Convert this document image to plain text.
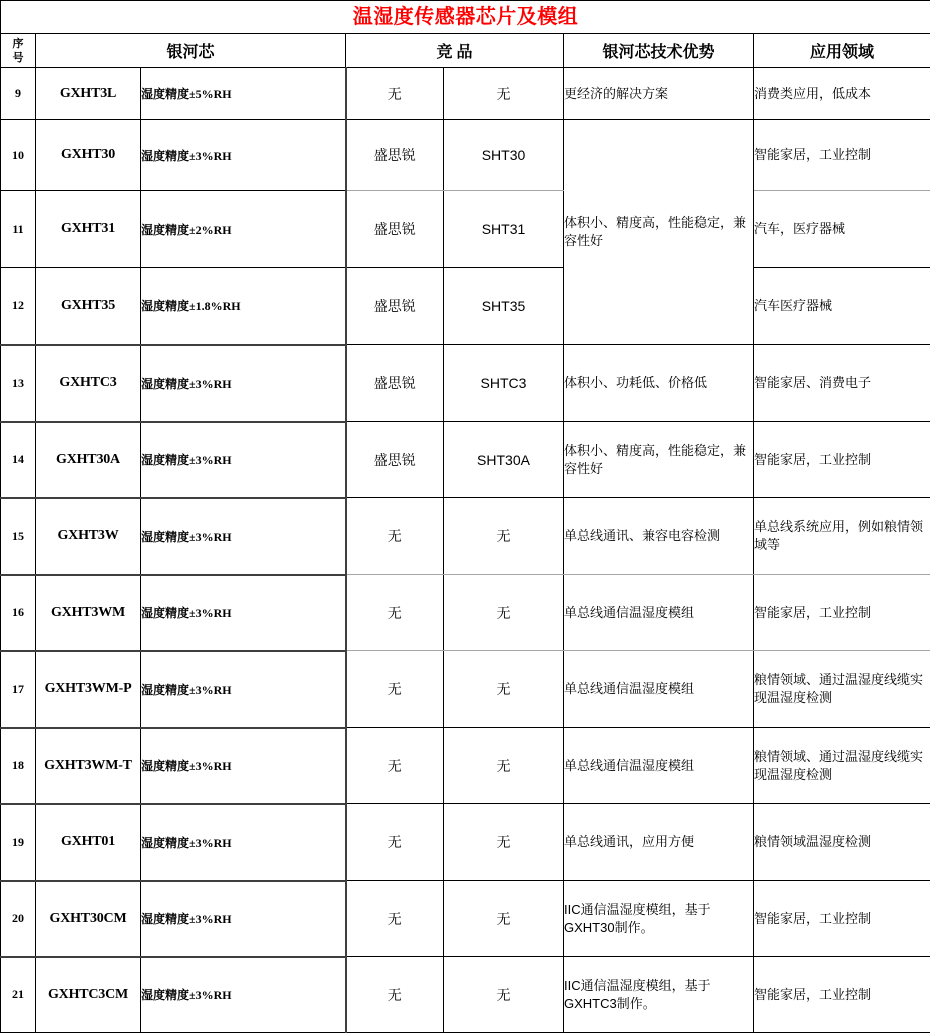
温湿度传感器芯片及模组						

序
号	银河芯		竞 品		银河芯技术优势	应用领域
9	GXHT3L	湿度精度±5%RH	无	无	更经济的解决方案	消费类应用，低成本
10	GXHT30	湿度精度±3%RH	盛思锐	SHT30	体积小、精度高，性能稳定，兼容性好	智能家居，工业控制
11	GXHT31	湿度精度±2%RH	盛思锐	SHT31		汽车，医疗器械
12	GXHT35	湿度精度±1.8%RH	盛思锐	SHT35		汽车医疗器械
13	GXHTC3	湿度精度±3%RH	盛思锐	SHTC3	体积小、功耗低、价格低	智能家居、消费电子
14	GXHT30A	湿度精度±3%RH	盛思锐	SHT30A	体积小、精度高，性能稳定，兼容性好	智能家居，工业控制
15	GXHT3W	湿度精度±3%RH	无	无	单总线通讯、兼容电容检测	单总线系统应用，例如粮情领域等
16	GXHT3WM	湿度精度±3%RH	无	无	单总线通信温湿度模组	智能家居，工业控制
17	GXHT3WM-P	湿度精度±3%RH	无	无	单总线通信温湿度模组	粮情领域、通过温湿度线缆实现温湿度检测
18	GXHT3WM-T	湿度精度±3%RH	无	无	单总线通信温湿度模组	粮情领域、通过温湿度线缆实现温湿度检测
19	GXHT01	湿度精度±3%RH	无	无	单总线通讯，应用方便	粮情领域温湿度检测
20	GXHT30CM	湿度精度±3%RH	无	无	IIC通信温湿度模组，基于GXHT30制作。	智能家居，工业控制
21	GXHTC3CM	湿度精度±3%RH	无	无	IIC通信温湿度模组，基于GXHTC3制作。	智能家居，工业控制
